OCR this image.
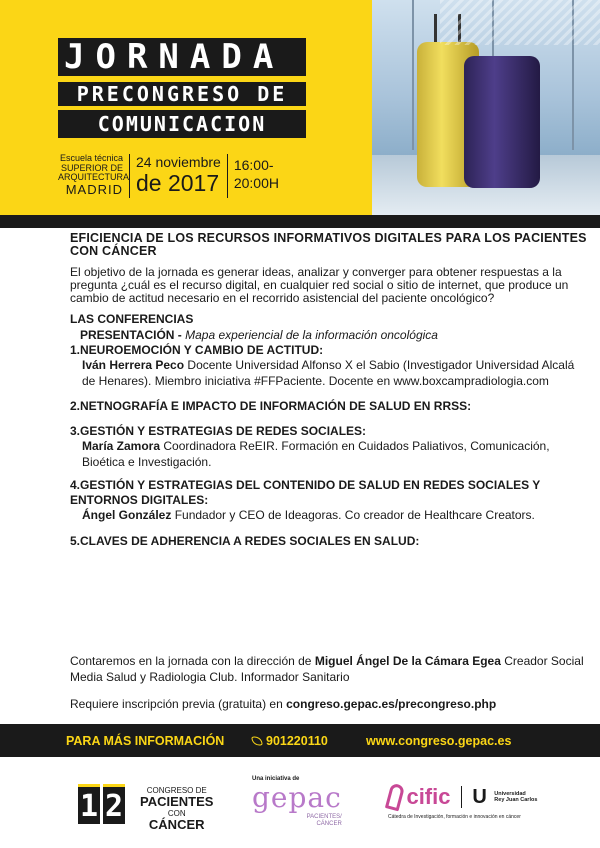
JORNADA
PRECONGRESO DE
COMUNICACION
Escuela técnica
SUPERIOR DE
ARQUITECTURA
MADRID
24 noviembre
de 2017
16:00-
20:00H

EFICIENCIA DE LOS RECURSOS INFORMATIVOS DIGITALES PARA LOS PACIENTES CON CÁNCER

El objetivo de la jornada es generar ideas, analizar y converger para obtener respuestas a la pregunta ¿cuál es el recurso digital, en cualquier red social o sitio de internet, que produce un cambio de actitud necesario en el recorrido asistencial del paciente oncológico?
LAS CONFERENCIAS
PRESENTACIÓN - Mapa experiencial de la información oncológica
1.NEUROEMOCIÓN Y CAMBIO DE ACTITUD:
Iván Herrera Peco Docente Universidad Alfonso X el Sabio (Investigador Universidad Alcalá de Henares). Miembro iniciativa #FFPaciente. Docente en www.boxcampradiologia.com
2.NETNOGRAFÍA E IMPACTO DE INFORMACIÓN DE SALUD EN RRSS:
3.GESTIÓN Y ESTRATEGIAS DE REDES SOCIALES:
María Zamora Coordinadora ReEIR. Formación en Cuidados Paliativos, Comunicación, Bioética e Investigación.
4.GESTIÓN Y ESTRATEGIAS DEL CONTENIDO DE SALUD EN REDES SOCIALES Y ENTORNOS DIGITALES:
Ángel González Fundador y CEO de Ideagoras. Co creador de Healthcare Creators.
5.CLAVES DE ADHERENCIA A REDES SOCIALES EN SALUD:
Contaremos en la jornada con la dirección de Miguel Ángel De la Cámara Egea Creador Social Media Salud y Radiologia Club. Informador Sanitario
Requiere inscripción previa (gratuita) en congreso.gepac.es/precongreso.php
PARA MÁS INFORMACIÓN	901220110	www.congreso.gepac.es
1 2	CONGRESO DE
PACIENTES
CON
CÁNCER
Una iniciativa de
gepac
PACIENTES/
CÁNCER
cific U Universidad
Rey Juan Carlos
Cátedra de Investigación, formación e innovación en cáncer
